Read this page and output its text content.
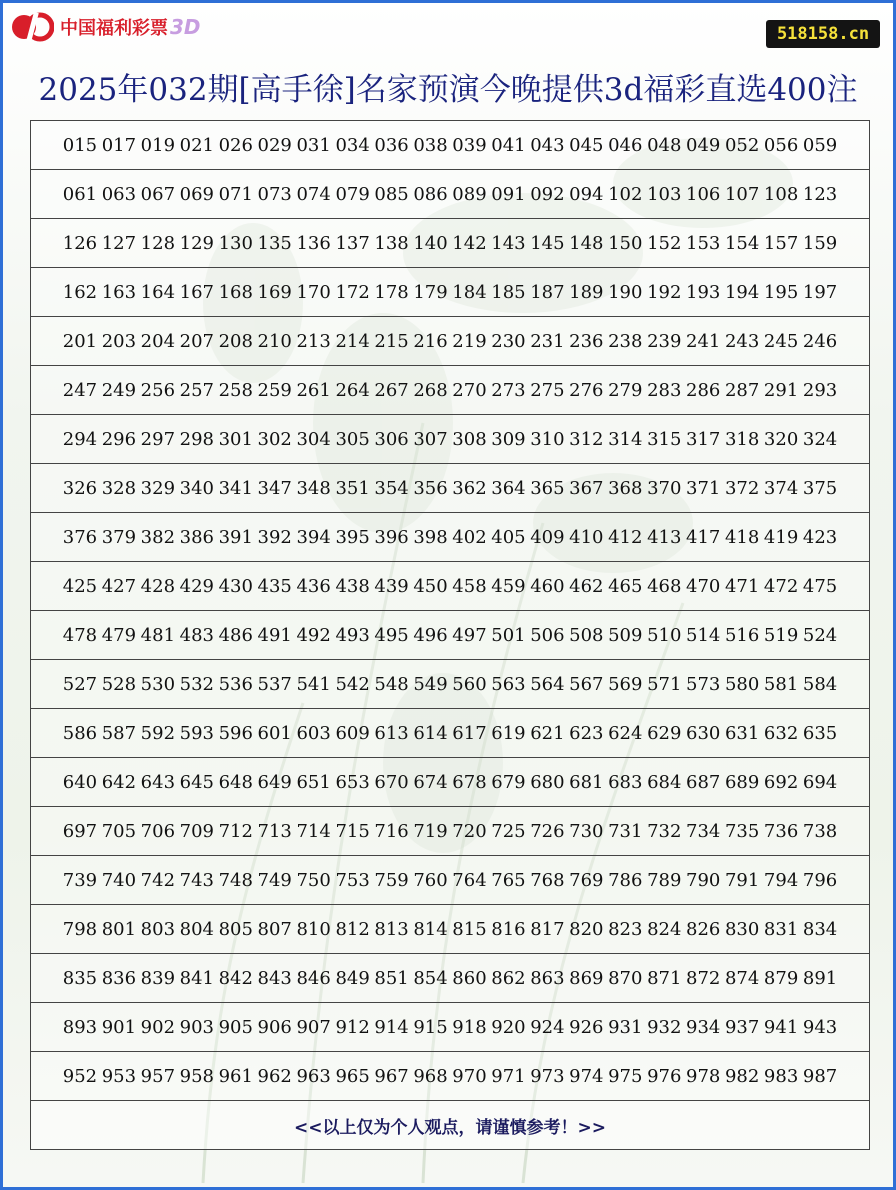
中国福利彩票 3D	518158.cn
2025年032期[高手徐]名家预演今晚提供3d福彩直选400注
015 017 019 021 026 029 031 034 036 038 039 041 043 045 046 048 049 052 056 059
061 063 067 069 071 073 074 079 085 086 089 091 092 094 102 103 106 107 108 123
126 127 128 129 130 135 136 137 138 140 142 143 145 148 150 152 153 154 157 159
162 163 164 167 168 169 170 172 178 179 184 185 187 189 190 192 193 194 195 197
201 203 204 207 208 210 213 214 215 216 219 230 231 236 238 239 241 243 245 246
247 249 256 257 258 259 261 264 267 268 270 273 275 276 279 283 286 287 291 293
294 296 297 298 301 302 304 305 306 307 308 309 310 312 314 315 317 318 320 324
326 328 329 340 341 347 348 351 354 356 362 364 365 367 368 370 371 372 374 375
376 379 382 386 391 392 394 395 396 398 402 405 409 410 412 413 417 418 419 423
425 427 428 429 430 435 436 438 439 450 458 459 460 462 465 468 470 471 472 475
478 479 481 483 486 491 492 493 495 496 497 501 506 508 509 510 514 516 519 524
527 528 530 532 536 537 541 542 548 549 560 563 564 567 569 571 573 580 581 584
586 587 592 593 596 601 603 609 613 614 617 619 621 623 624 629 630 631 632 635
640 642 643 645 648 649 651 653 670 674 678 679 680 681 683 684 687 689 692 694
697 705 706 709 712 713 714 715 716 719 720 725 726 730 731 732 734 735 736 738
739 740 742 743 748 749 750 753 759 760 764 765 768 769 786 789 790 791 794 796
798 801 803 804 805 807 810 812 813 814 815 816 817 820 823 824 826 830 831 834
835 836 839 841 842 843 846 849 851 854 860 862 863 869 870 871 872 874 879 891
893 901 902 903 905 906 907 912 914 915 918 920 924 926 931 932 934 937 941 943
952 953 957 958 961 962 963 965 967 968 970 971 973 974 975 976 978 982 983 987
<<以上仅为个人观点，请谨慎参考！>>
